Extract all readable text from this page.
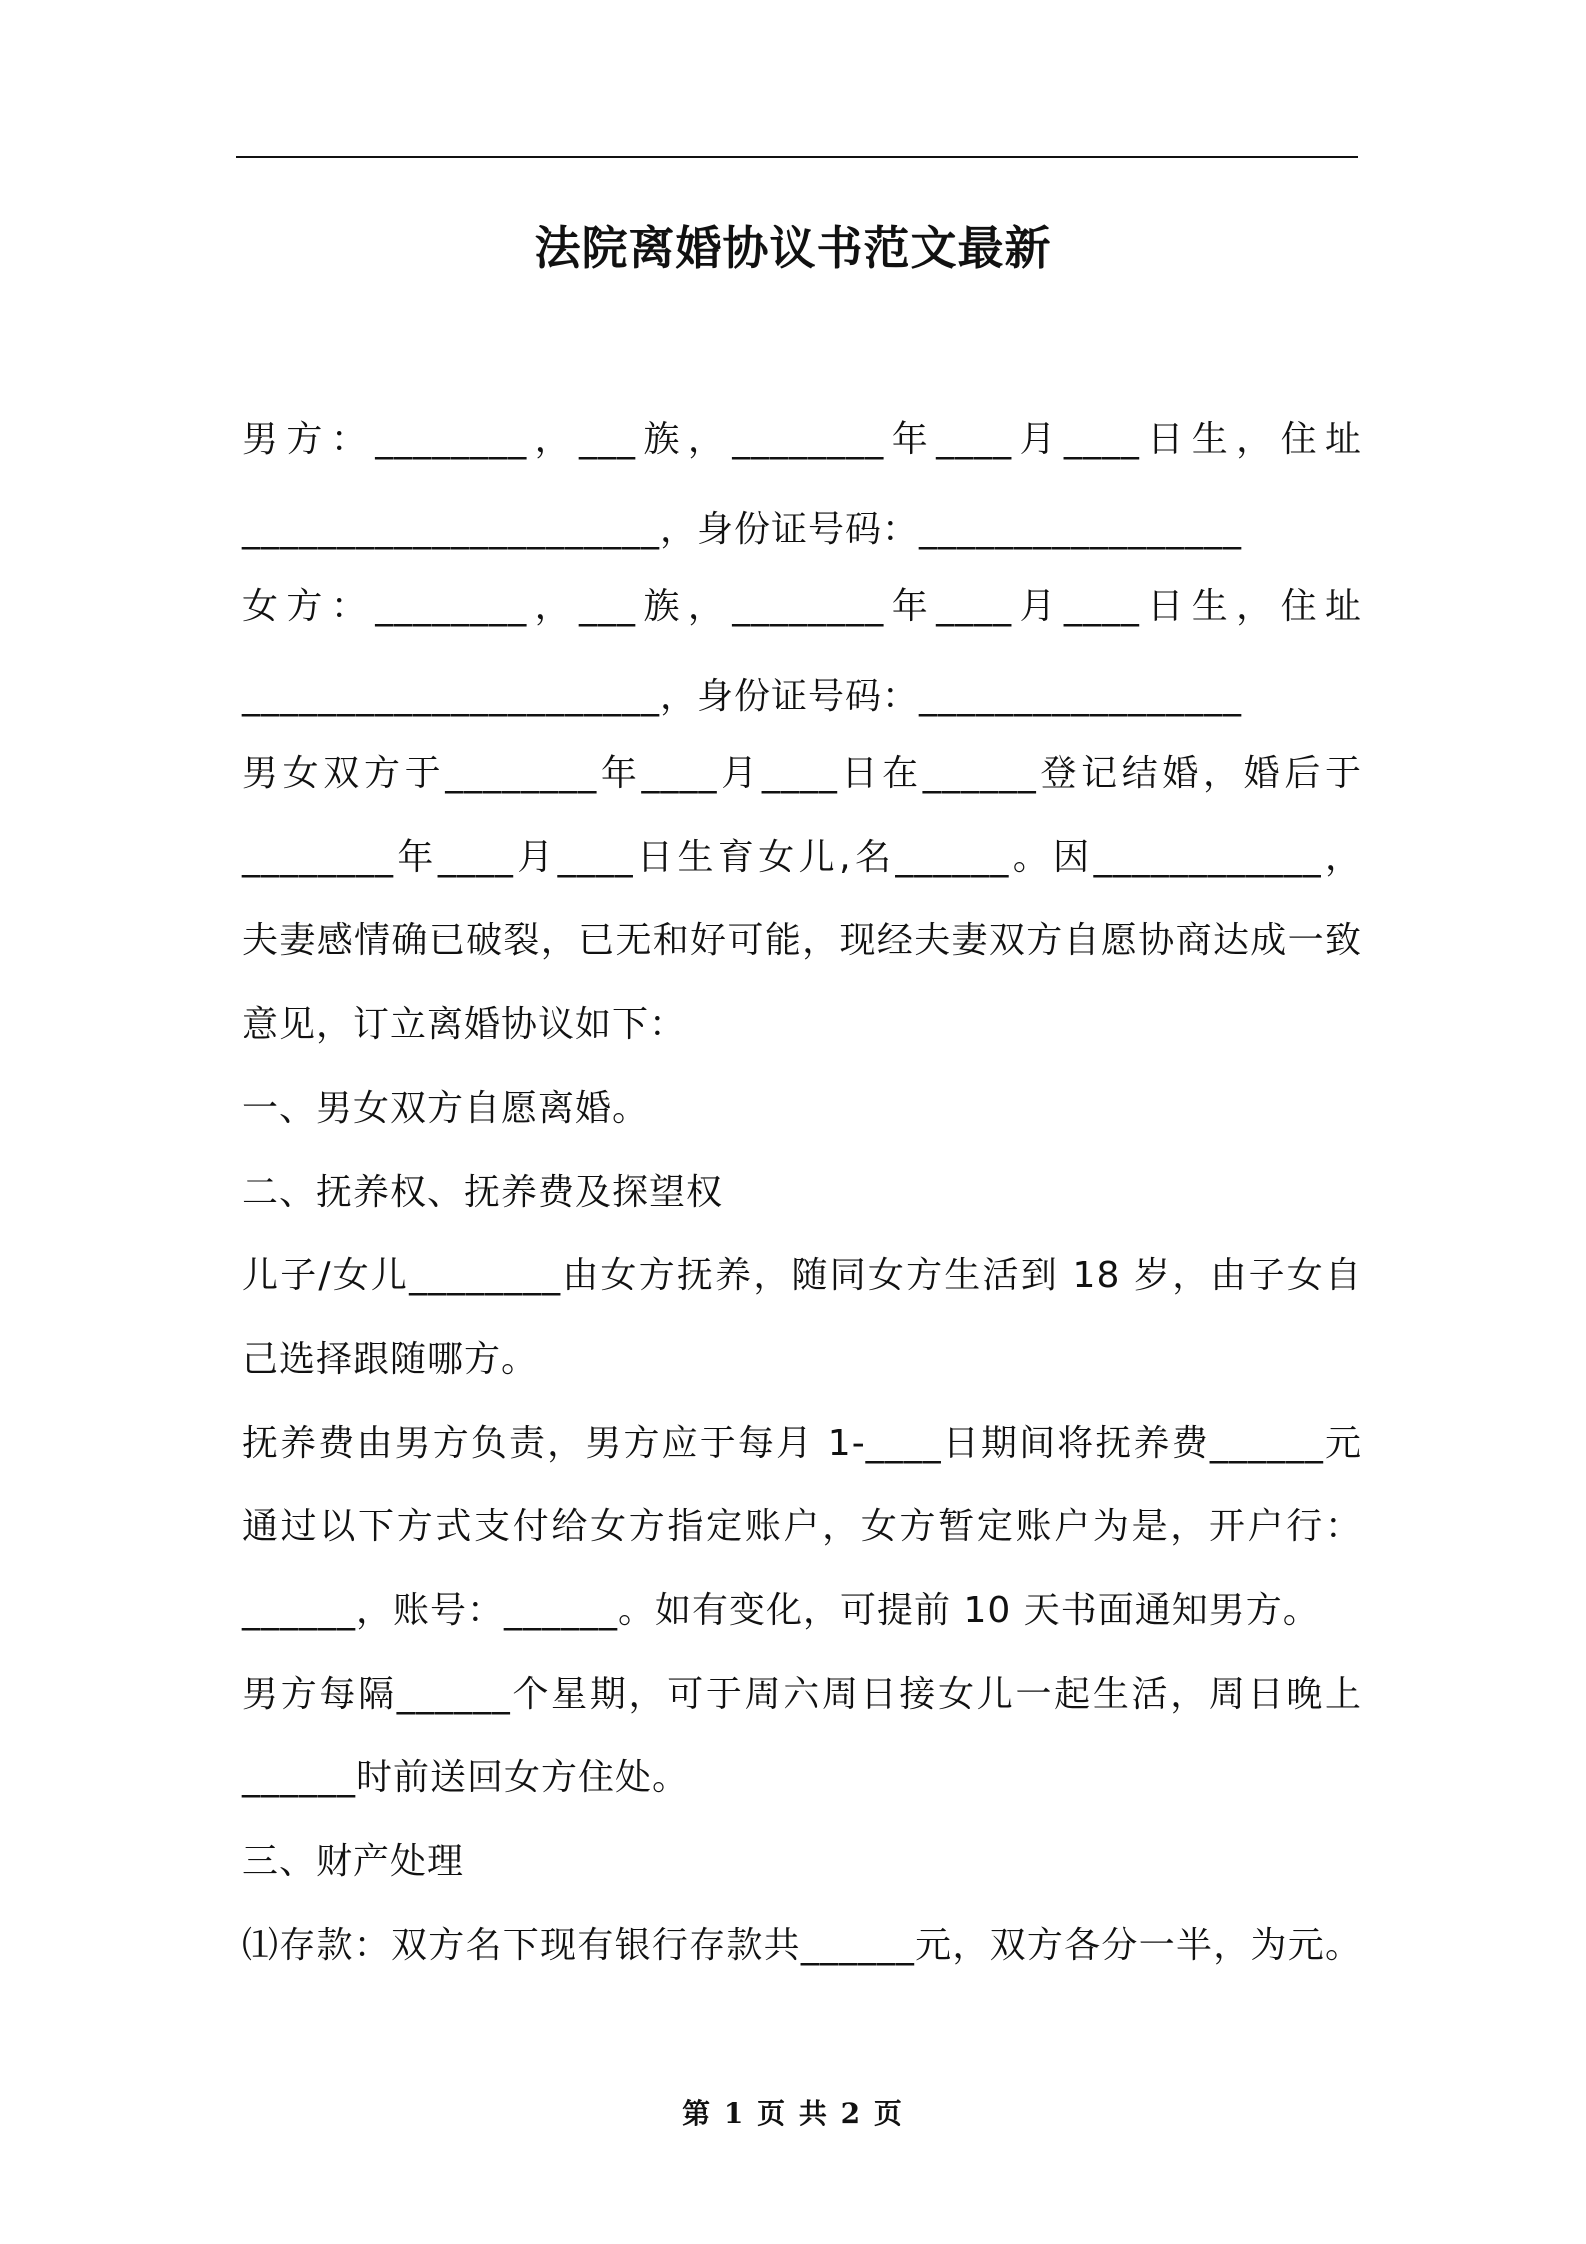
法院离婚协议书范文最新

男方：________，___族，________年____月____日生，住址

______________________，身份证号码：_________________

女方：________，___族，________年____月____日生，住址

______________________，身份证号码：_________________

男女双方于________年____月____日在______登记结婚，婚后于

________年____月____日生育女儿,名______。因____________，

夫妻感情确已破裂，已无和好可能，现经夫妻双方自愿协商达成一致

意见，订立离婚协议如下：

一、男女双方自愿离婚。

二、抚养权、抚养费及探望权

儿子/女儿________由女方抚养，随同女方生活到 18 岁，由子女自

己选择跟随哪方。

抚养费由男方负责，男方应于每月 1-____日期间将抚养费______元

通过以下方式支付给女方指定账户，女方暂定账户为是，开户行：

______，账号：______。如有变化，可提前 10 天书面通知男方。

男方每隔______个星期，可于周六周日接女儿一起生活，周日晚上

______时前送回女方住处。

三、财产处理

⑴存款：双方名下现有银行存款共______元，双方各分一半，为元。

第 1 页 共 2 页
